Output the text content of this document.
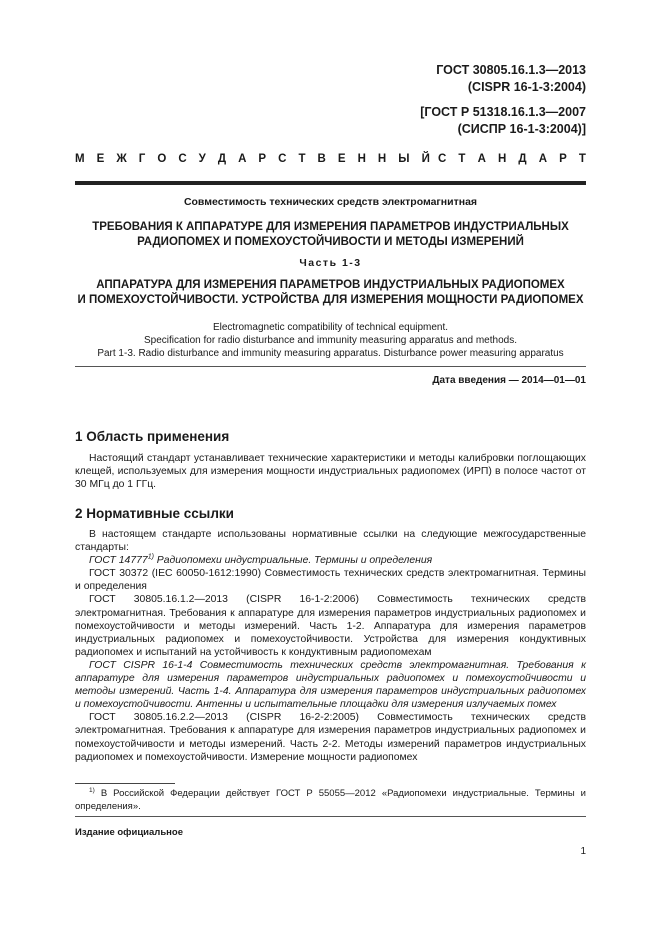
ГОСТ 30805.16.1.3—2013
(CISPR 16-1-3:2004)
[ГОСТ Р 51318.16.1.3—2007
(СИСПР 16-1-3:2004)]
М Е Ж Г О С У Д А Р С Т В Е Н Н Ы Й С Т А Н Д А Р Т
Совместимость технических средств электромагнитная
ТРЕБОВАНИЯ К АППАРАТУРЕ ДЛЯ ИЗМЕРЕНИЯ ПАРАМЕТРОВ ИНДУСТРИАЛЬНЫХ
РАДИОПОМЕХ И ПОМЕХОУСТОЙЧИВОСТИ И МЕТОДЫ ИЗМЕРЕНИЙ
Часть 1-3
АППАРАТУРА ДЛЯ ИЗМЕРЕНИЯ ПАРАМЕТРОВ ИНДУСТРИАЛЬНЫХ РАДИОПОМЕХ
И ПОМЕХОУСТОЙЧИВОСТИ. УСТРОЙСТВА ДЛЯ ИЗМЕРЕНИЯ МОЩНОСТИ РАДИОПОМЕХ
Electromagnetic compatibility of technical equipment.
Specification for radio disturbance and immunity measuring apparatus and methods.
Part 1-3. Radio disturbance and immunity measuring apparatus. Disturbance power measuring apparatus
Дата введения — 2014—01—01
1 Область применения

Настоящий стандарт устанавливает технические характеристики и методы калибровки поглощающих клещей, используемых для измерения мощности индустриальных радиопомех (ИРП) в полосе частот от 30 МГц до 1 ГГц.

2 Нормативные ссылки

В настоящем стандарте использованы нормативные ссылки на следующие межгосударственные стандарты:

ГОСТ 14777$^{1)}$ Радиопомехи индустриальные. Термины и определения

ГОСТ 30372 (IEC 60050-1612:1990) Совместимость технических средств электромагнитная. Термины и определения

ГОСТ 30805.16.1.2—2013 (CISPR 16-1-2:2006) Совместимость технических средств электромагнитная. Требования к аппаратуре для измерения параметров индустриальных радиопомех и помехоустойчивости и методы измерений. Часть 1-2. Аппаратура для измерения параметров индустриальных радиопомех и помехоустойчивости. Устройства для измерения кондуктивных радиопомех и испытаний на устойчивость к кондуктивным радиопомехам

ГОСТ CISPR 16-1-4 Совместимость технических средств электромагнитная. Требования к аппаратуре для измерения параметров индустриальных радиопомех и помехоустойчивости и методы измерений. Часть 1-4. Аппаратура для измерения параметров индустриальных радиопомех и помехоустойчивости. Антенны и испытательные площадки для измерения излучаемых помех

ГОСТ 30805.16.2.2—2013 (CISPR 16-2-2:2005) Совместимость технических средств электромагнитная. Требования к аппаратуре для измерения параметров индустриальных радиопомех и помехоустойчивости и методы измерений. Часть 2-2. Методы измерений параметров индустриальных радиопомех и помехоустойчивости. Измерение мощности радиопомех

$^{1)}$ В Российской Федерации действует ГОСТ Р 55055—2012 «Радиопомехи индустриальные. Термины и определения».

Издание официальное
1
